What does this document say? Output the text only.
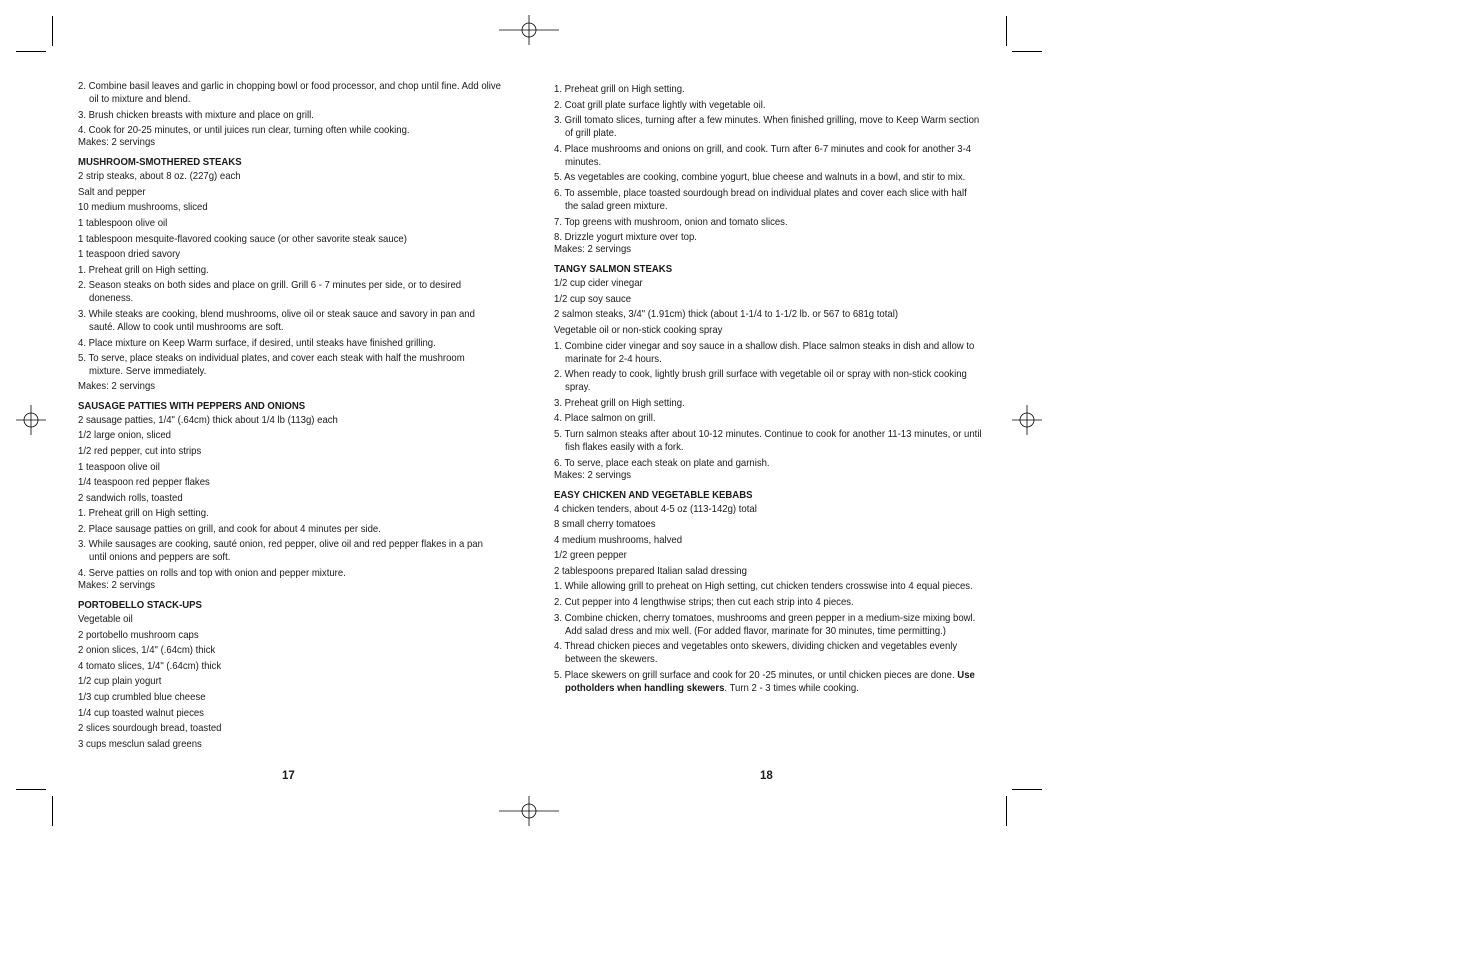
2. Combine basil leaves and garlic in chopping bowl or food processor, and chop until fine. Add olive oil to mixture and blend.
3. Brush chicken breasts with mixture and place on grill.
4. Cook for 20-25 minutes, or until juices run clear, turning often while cooking.
Makes: 2 servings
MUSHROOM-SMOTHERED STEAKS
2 strip steaks, about 8 oz. (227g) each
Salt and pepper
10 medium mushrooms, sliced
1 tablespoon olive oil
1 tablespoon mesquite-flavored cooking sauce (or other savorite steak sauce)
1 teaspoon dried savory
1. Preheat grill on High setting.
2. Season steaks on both sides and place on grill. Grill 6 - 7 minutes per side, or to desired doneness.
3. While steaks are cooking, blend mushrooms, olive oil or steak sauce and savory in pan and sauté. Allow to cook until mushrooms are soft.
4. Place mixture on Keep Warm surface, if desired, until steaks have finished grilling.
5. To serve, place steaks on individual plates, and cover each steak with half the mushroom mixture. Serve immediately.
Makes: 2 servings
SAUSAGE PATTIES WITH PEPPERS AND ONIONS
2 sausage patties, 1/4" (.64cm) thick about 1/4 lb (113g) each
1/2 large onion, sliced
1/2 red pepper, cut into strips
1 teaspoon olive oil
1/4 teaspoon red pepper flakes
2 sandwich rolls, toasted
1. Preheat grill on High setting.
2. Place sausage patties on grill, and cook for about 4 minutes per side.
3. While sausages are cooking, sauté onion, red pepper, olive oil and red pepper flakes in a pan until onions and peppers are soft.
4. Serve patties on rolls and top with onion and pepper mixture.
Makes: 2 servings
PORTOBELLO STACK-UPS
Vegetable oil
2 portobello mushroom caps
2 onion slices, 1/4" (.64cm) thick
4 tomato slices, 1/4" (.64cm) thick
1/2 cup plain yogurt
1/3 cup crumbled blue cheese
1/4 cup toasted walnut pieces
2 slices sourdough bread, toasted
3 cups mesclun salad greens
1. Preheat grill on High setting.
2. Coat grill plate surface lightly with vegetable oil.
3. Grill tomato slices, turning after a few minutes. When finished grilling, move to Keep Warm section of grill plate.
4. Place mushrooms and onions on grill, and cook. Turn after 6-7 minutes and cook for another 3-4 minutes.
5. As vegetables are cooking, combine yogurt, blue cheese and walnuts in a bowl, and stir to mix.
6. To assemble, place toasted sourdough bread on individual plates and cover each slice with half the salad green mixture.
7. Top greens with mushroom, onion and tomato slices.
8. Drizzle yogurt mixture over top.
Makes: 2 servings
TANGY SALMON STEAKS
1/2 cup cider vinegar
1/2 cup soy sauce
2 salmon steaks, 3/4" (1.91cm) thick (about 1-1/4 to 1-1/2 lb. or 567 to 681g total)
Vegetable oil or non-stick cooking spray
1. Combine cider vinegar and soy sauce in a shallow dish. Place salmon steaks in dish and allow to marinate for 2-4 hours.
2. When ready to cook, lightly brush grill surface with vegetable oil or spray with non-stick cooking spray.
3. Preheat grill on High setting.
4. Place salmon on grill.
5. Turn salmon steaks after about 10-12 minutes. Continue to cook for another 11-13 minutes, or until fish flakes easily with a fork.
6. To serve, place each steak on plate and garnish.
Makes: 2 servings
EASY CHICKEN AND VEGETABLE KEBABS
4 chicken tenders, about 4-5 oz (113-142g) total
8 small cherry tomatoes
4 medium mushrooms, halved
1/2 green pepper
2 tablespoons prepared Italian salad dressing
1. While allowing grill to preheat on High setting, cut chicken tenders crosswise into 4 equal pieces.
2. Cut pepper into 4 lengthwise strips; then cut each strip into 4 pieces.
3. Combine chicken, cherry tomatoes, mushrooms and green pepper in a medium-size mixing bowl. Add salad dress and mix well. (For added flavor, marinate for 30 minutes, time permitting.)
4. Thread chicken pieces and vegetables onto skewers, dividing chicken and vegetables evenly between the skewers.
5. Place skewers on grill surface and cook for 20 -25 minutes, or until chicken pieces are done. Use potholders when handling skewers. Turn 2 - 3 times while cooking.
17	18
